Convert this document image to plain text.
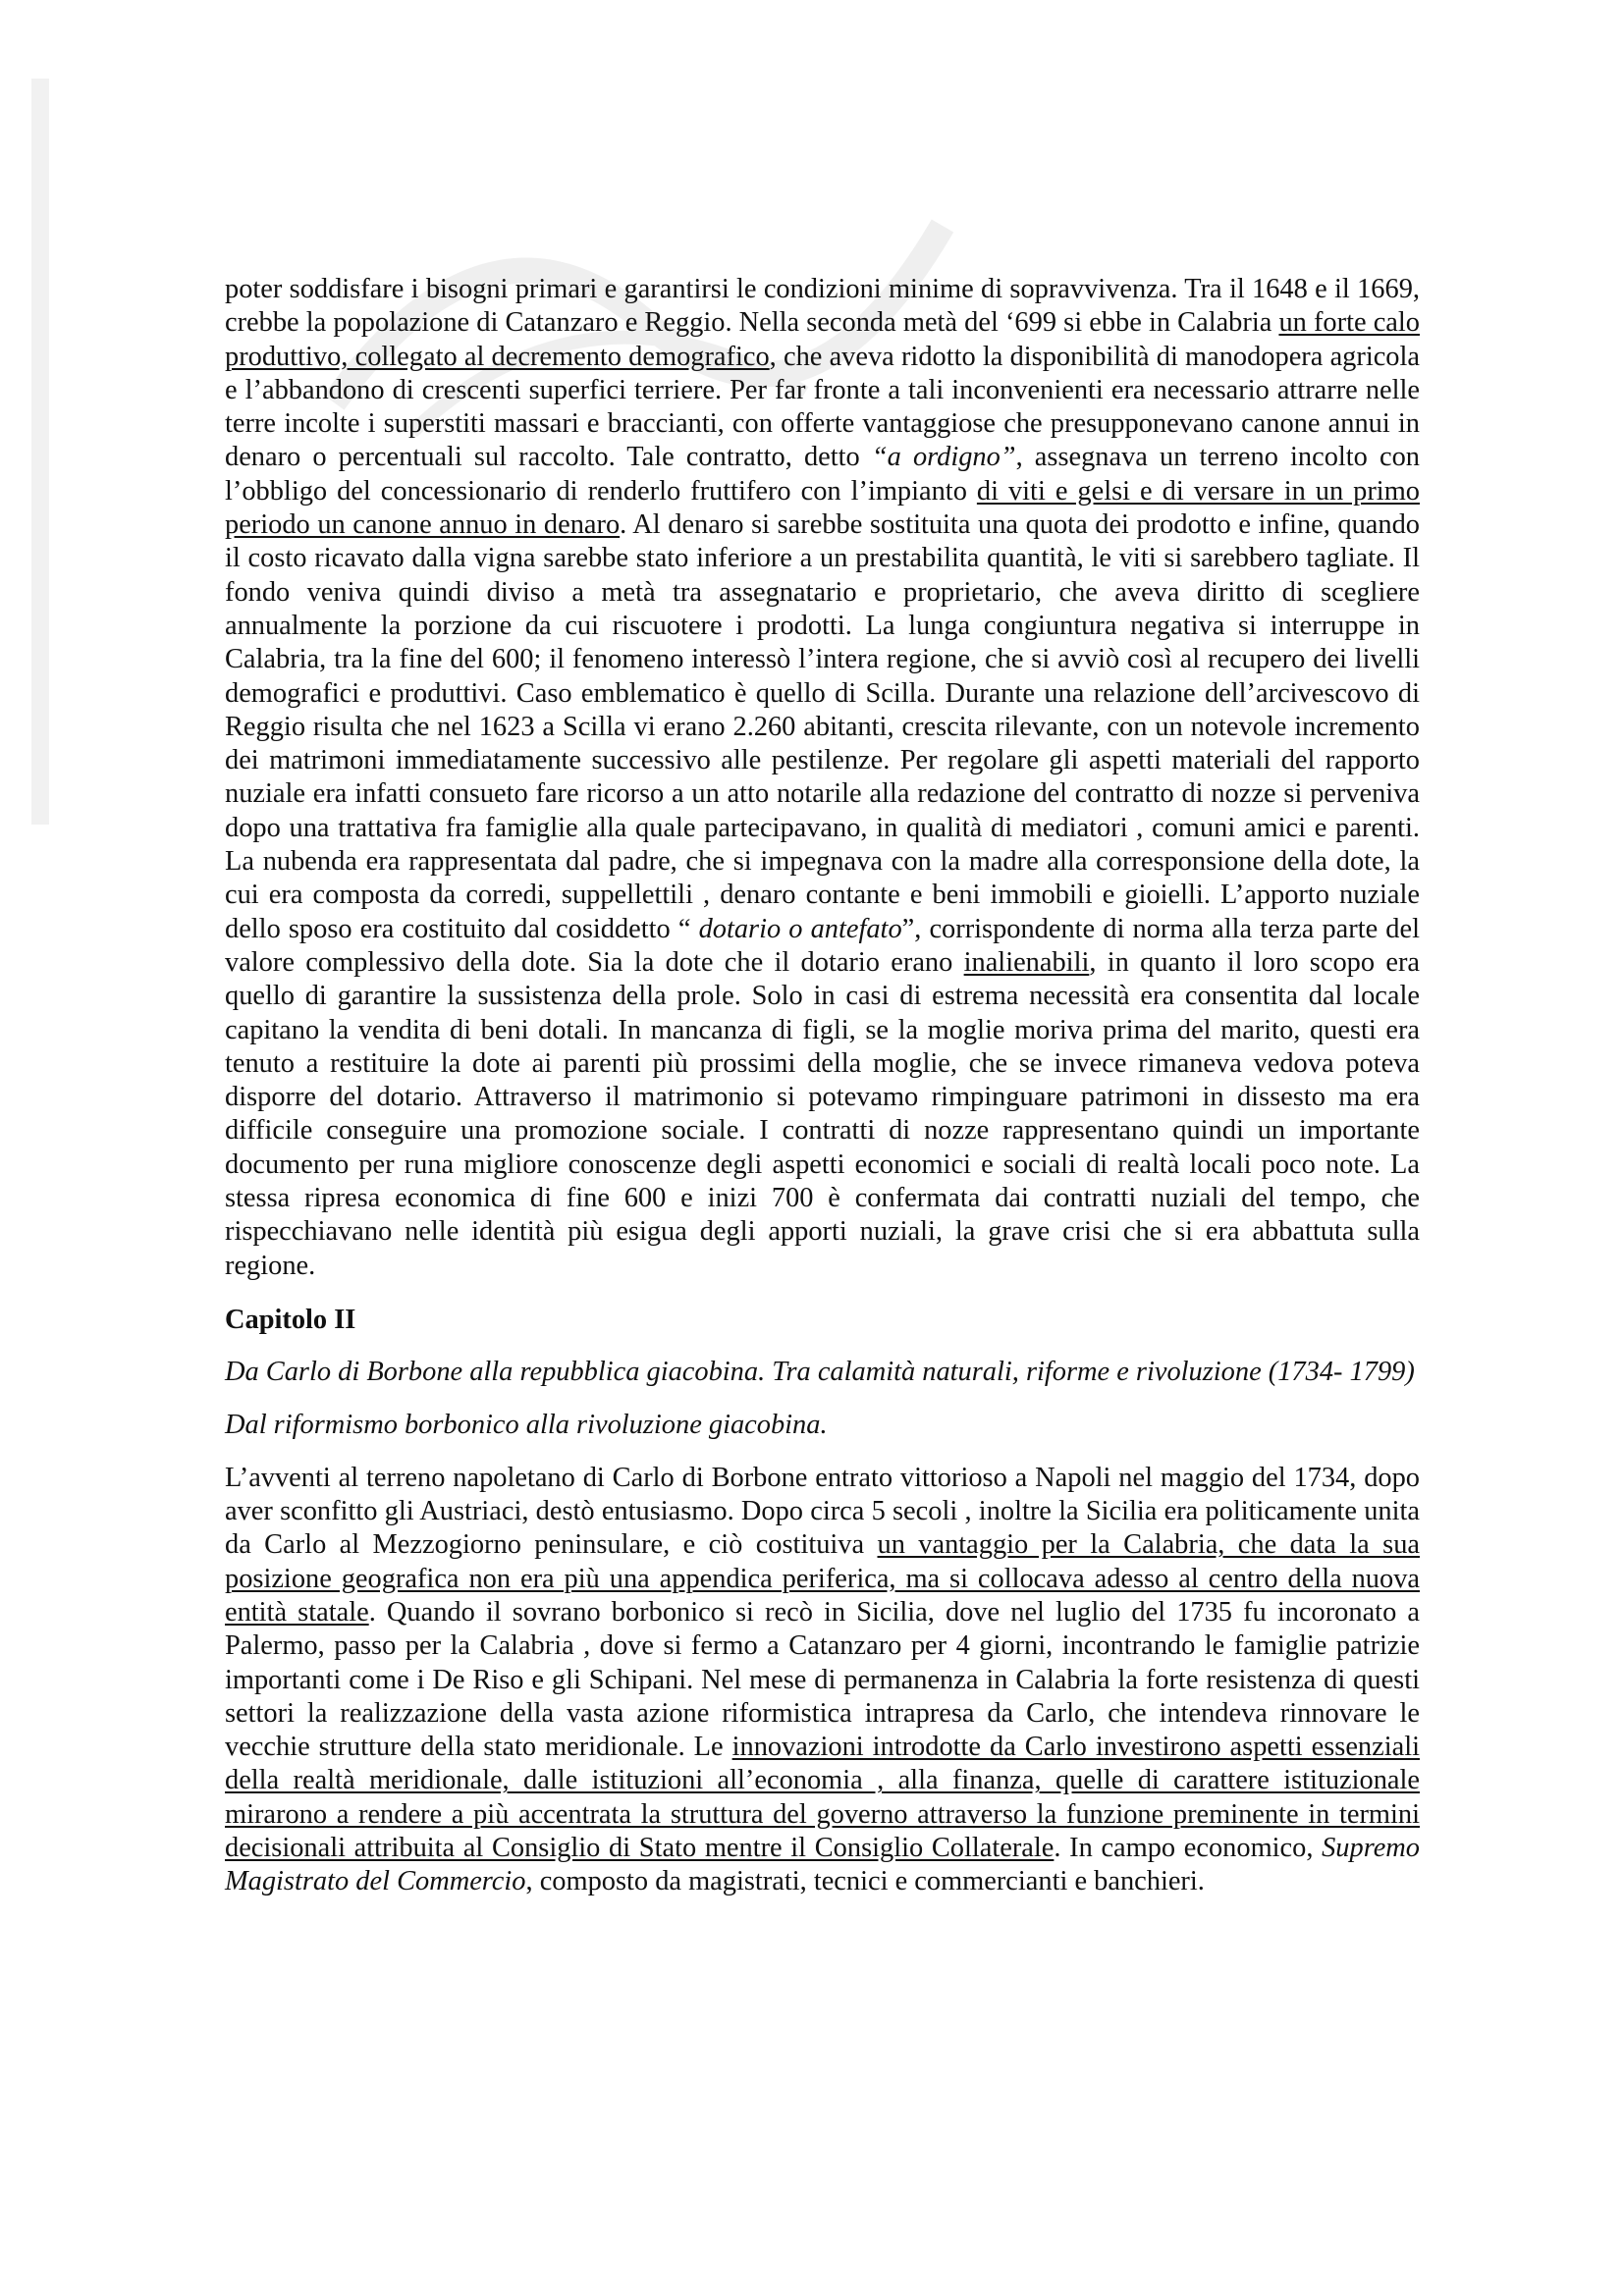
poter soddisfare i bisogni primari e garantirsi le condizioni minime di sopravvivenza. Tra il 1648 e il 1669, crebbe la popolazione di Catanzaro e Reggio. Nella seconda metà del ‘699 si ebbe in Calabria un forte calo produttivo, collegato al decremento demografico, che aveva ridotto la disponibilità di manodopera agricola e l’abbandono di crescenti superfici terriere. Per far fronte a tali inconvenienti era necessario attrarre nelle terre incolte i superstiti massari e braccianti, con offerte vantaggiose che presupponevano canone annui in denaro o percentuali sul raccolto. Tale contratto, detto “a ordigno”, assegnava un terreno incolto con l’obbligo del concessionario di renderlo fruttifero con l’impianto di viti e gelsi e di versare in un primo periodo un canone annuo in denaro. Al denaro si sarebbe sostituita una quota dei prodotto e infine, quando il costo ricavato dalla vigna sarebbe stato inferiore a un prestabilita quantità, le viti si sarebbero tagliate. Il fondo veniva quindi diviso a metà tra assegnatario e proprietario, che aveva diritto di scegliere annualmente la porzione da cui riscuotere i prodotti. La lunga congiuntura negativa si interruppe in Calabria, tra la fine del 600; il fenomeno interessò l’intera regione, che si avviò così al recupero dei livelli demografici e produttivi. Caso emblematico è quello di Scilla. Durante una relazione dell’arcivescovo di Reggio risulta che nel 1623 a Scilla vi erano 2.260 abitanti, crescita rilevante, con un notevole incremento dei matrimoni immediatamente successivo alle pestilenze. Per regolare gli aspetti materiali del rapporto nuziale era infatti consueto fare ricorso a un atto notarile alla redazione del contratto di nozze si perveniva dopo una trattativa fra famiglie alla quale partecipavano, in qualità di mediatori , comuni amici e parenti. La nubenda era rappresentata dal padre, che si impegnava con la madre alla corresponsione della dote, la cui era composta da corredi, suppellettili , denaro contante e beni immobili e gioielli. L’apporto nuziale dello sposo era costituito dal cosiddetto “ dotario o antefato”, corrispondente di norma alla terza parte del valore complessivo della dote. Sia la dote che il dotario erano inalienabili, in quanto il loro scopo era quello di garantire la sussistenza della prole. Solo in casi di estrema necessità era consentita dal locale capitano la vendita di beni dotali. In mancanza di figli, se la moglie moriva prima del marito, questi era tenuto a restituire la dote ai parenti più prossimi della moglie, che se invece rimaneva vedova poteva disporre del dotario. Attraverso il matrimonio si potevamo rimpinguare patrimoni in dissesto ma era difficile conseguire una promozione sociale. I contratti di nozze rappresentano quindi un importante documento per runa migliore conoscenze degli aspetti economici e sociali di realtà locali poco note. La stessa ripresa economica di fine 600 e inizi 700 è confermata dai contratti nuziali del tempo, che rispecchiavano nelle identità più esigua degli apporti nuziali, la grave crisi che si era abbattuta sulla regione.

Capitolo II

Da Carlo di Borbone alla repubblica giacobina. Tra calamità naturali, riforme e rivoluzione (1734- 1799)

Dal riformismo borbonico alla rivoluzione giacobina.

L’avventi al terreno napoletano di Carlo di Borbone entrato vittorioso a Napoli nel maggio del 1734, dopo aver sconfitto gli Austriaci, destò entusiasmo. Dopo circa 5 secoli , inoltre la Sicilia era politicamente unita da Carlo al Mezzogiorno peninsulare, e ciò costituiva un vantaggio per la Calabria, che data la sua posizione geografica non era più una appendica periferica, ma si collocava adesso al centro della nuova entità statale. Quando il sovrano borbonico si recò in Sicilia, dove nel luglio del 1735 fu incoronato a Palermo, passo per la Calabria , dove si fermo a Catanzaro per 4 giorni, incontrando le famiglie patrizie importanti come i De Riso e gli Schipani. Nel mese di permanenza in Calabria la forte resistenza di questi settori la realizzazione della vasta azione riformistica intrapresa da Carlo, che intendeva rinnovare le vecchie strutture della stato meridionale. Le innovazioni introdotte da Carlo investirono aspetti essenziali della realtà meridionale, dalle istituzioni all’economia , alla finanza, quelle di carattere istituzionale mirarono a rendere a più accentrata la struttura del governo attraverso la funzione preminente in termini decisionali attribuita al Consiglio di Stato mentre il Consiglio Collaterale. In campo economico, Supremo Magistrato del Commercio, composto da magistrati, tecnici e commercianti e banchieri.
